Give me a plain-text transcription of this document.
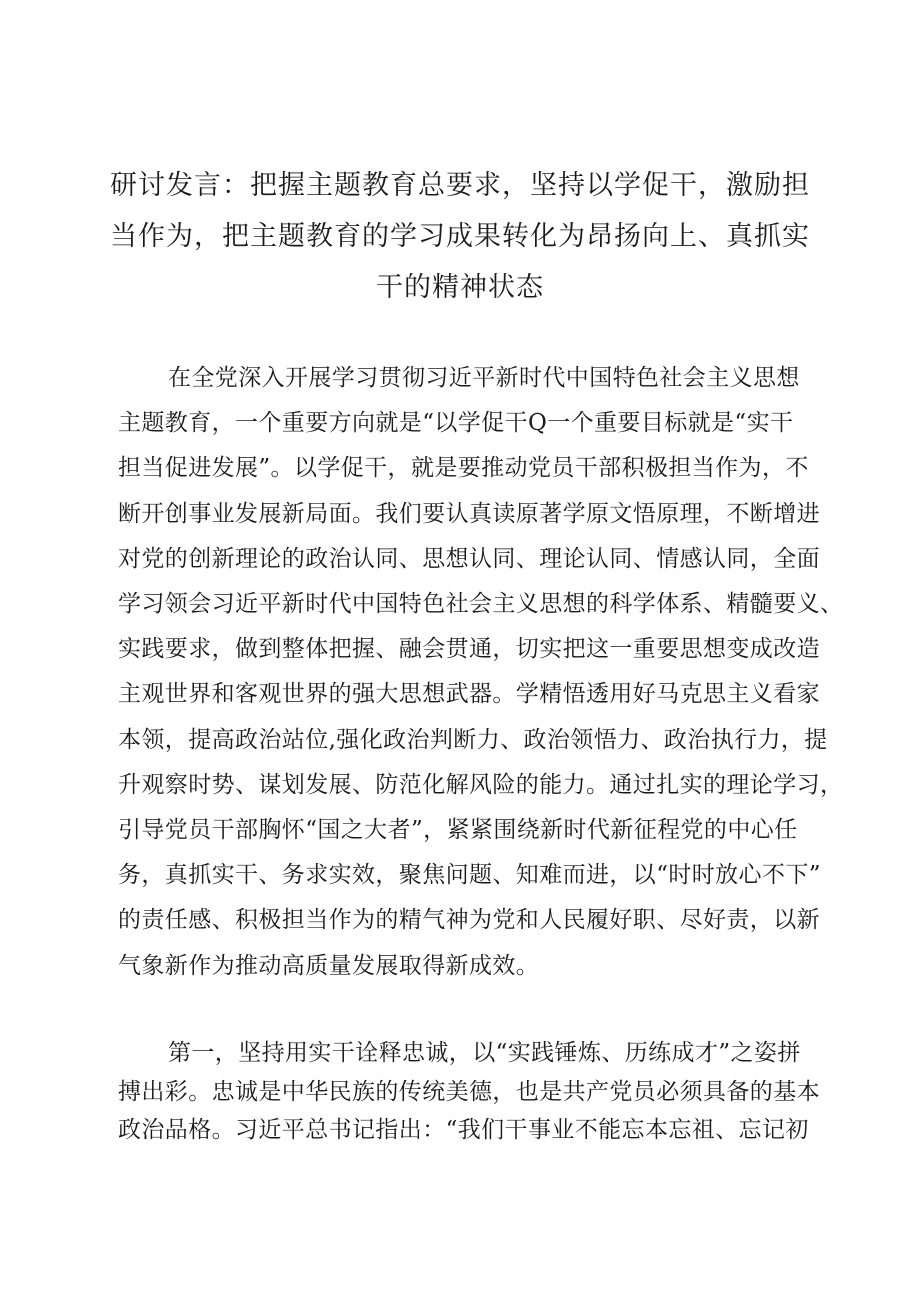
研讨发言：把握主题教育总要求，坚持以学促干，激励担
当作为，把主题教育的学习成果转化为昂扬向上、真抓实
干的精神状态
在全党深入开展学习贯彻习近平新时代中国特色社会主义思想
主题教育，一个重要方向就是“以学促干Q一个重要目标就是“实干
担当促进发展”。以学促干，就是要推动党员干部积极担当作为，不
断开创事业发展新局面。我们要认真读原著学原文悟原理，不断增进
对党的创新理论的政治认同、思想认同、理论认同、情感认同，全面
学习领会习近平新时代中国特色社会主义思想的科学体系、精髓要义、
实践要求，做到整体把握、融会贯通，切实把这一重要思想变成改造
主观世界和客观世界的强大思想武器。学精悟透用好马克思主义看家
本领，提高政治站位,强化政治判断力、政治领悟力、政治执行力，提
升观察时势、谋划发展、防范化解风险的能力。通过扎实的理论学习，
引导党员干部胸怀“国之大者”，紧紧围绕新时代新征程党的中心任
务，真抓实干、务求实效，聚焦问题、知难而进，以“时时放心不下”
的责任感、积极担当作为的精气神为党和人民履好职、尽好责，以新
气象新作为推动高质量发展取得新成效。
第一，坚持用实干诠释忠诚，以“实践锤炼、历练成才”之姿拼
搏出彩。忠诚是中华民族的传统美德，也是共产党员必须具备的基本
政治品格。习近平总书记指出：“我们干事业不能忘本忘祖、忘记初
